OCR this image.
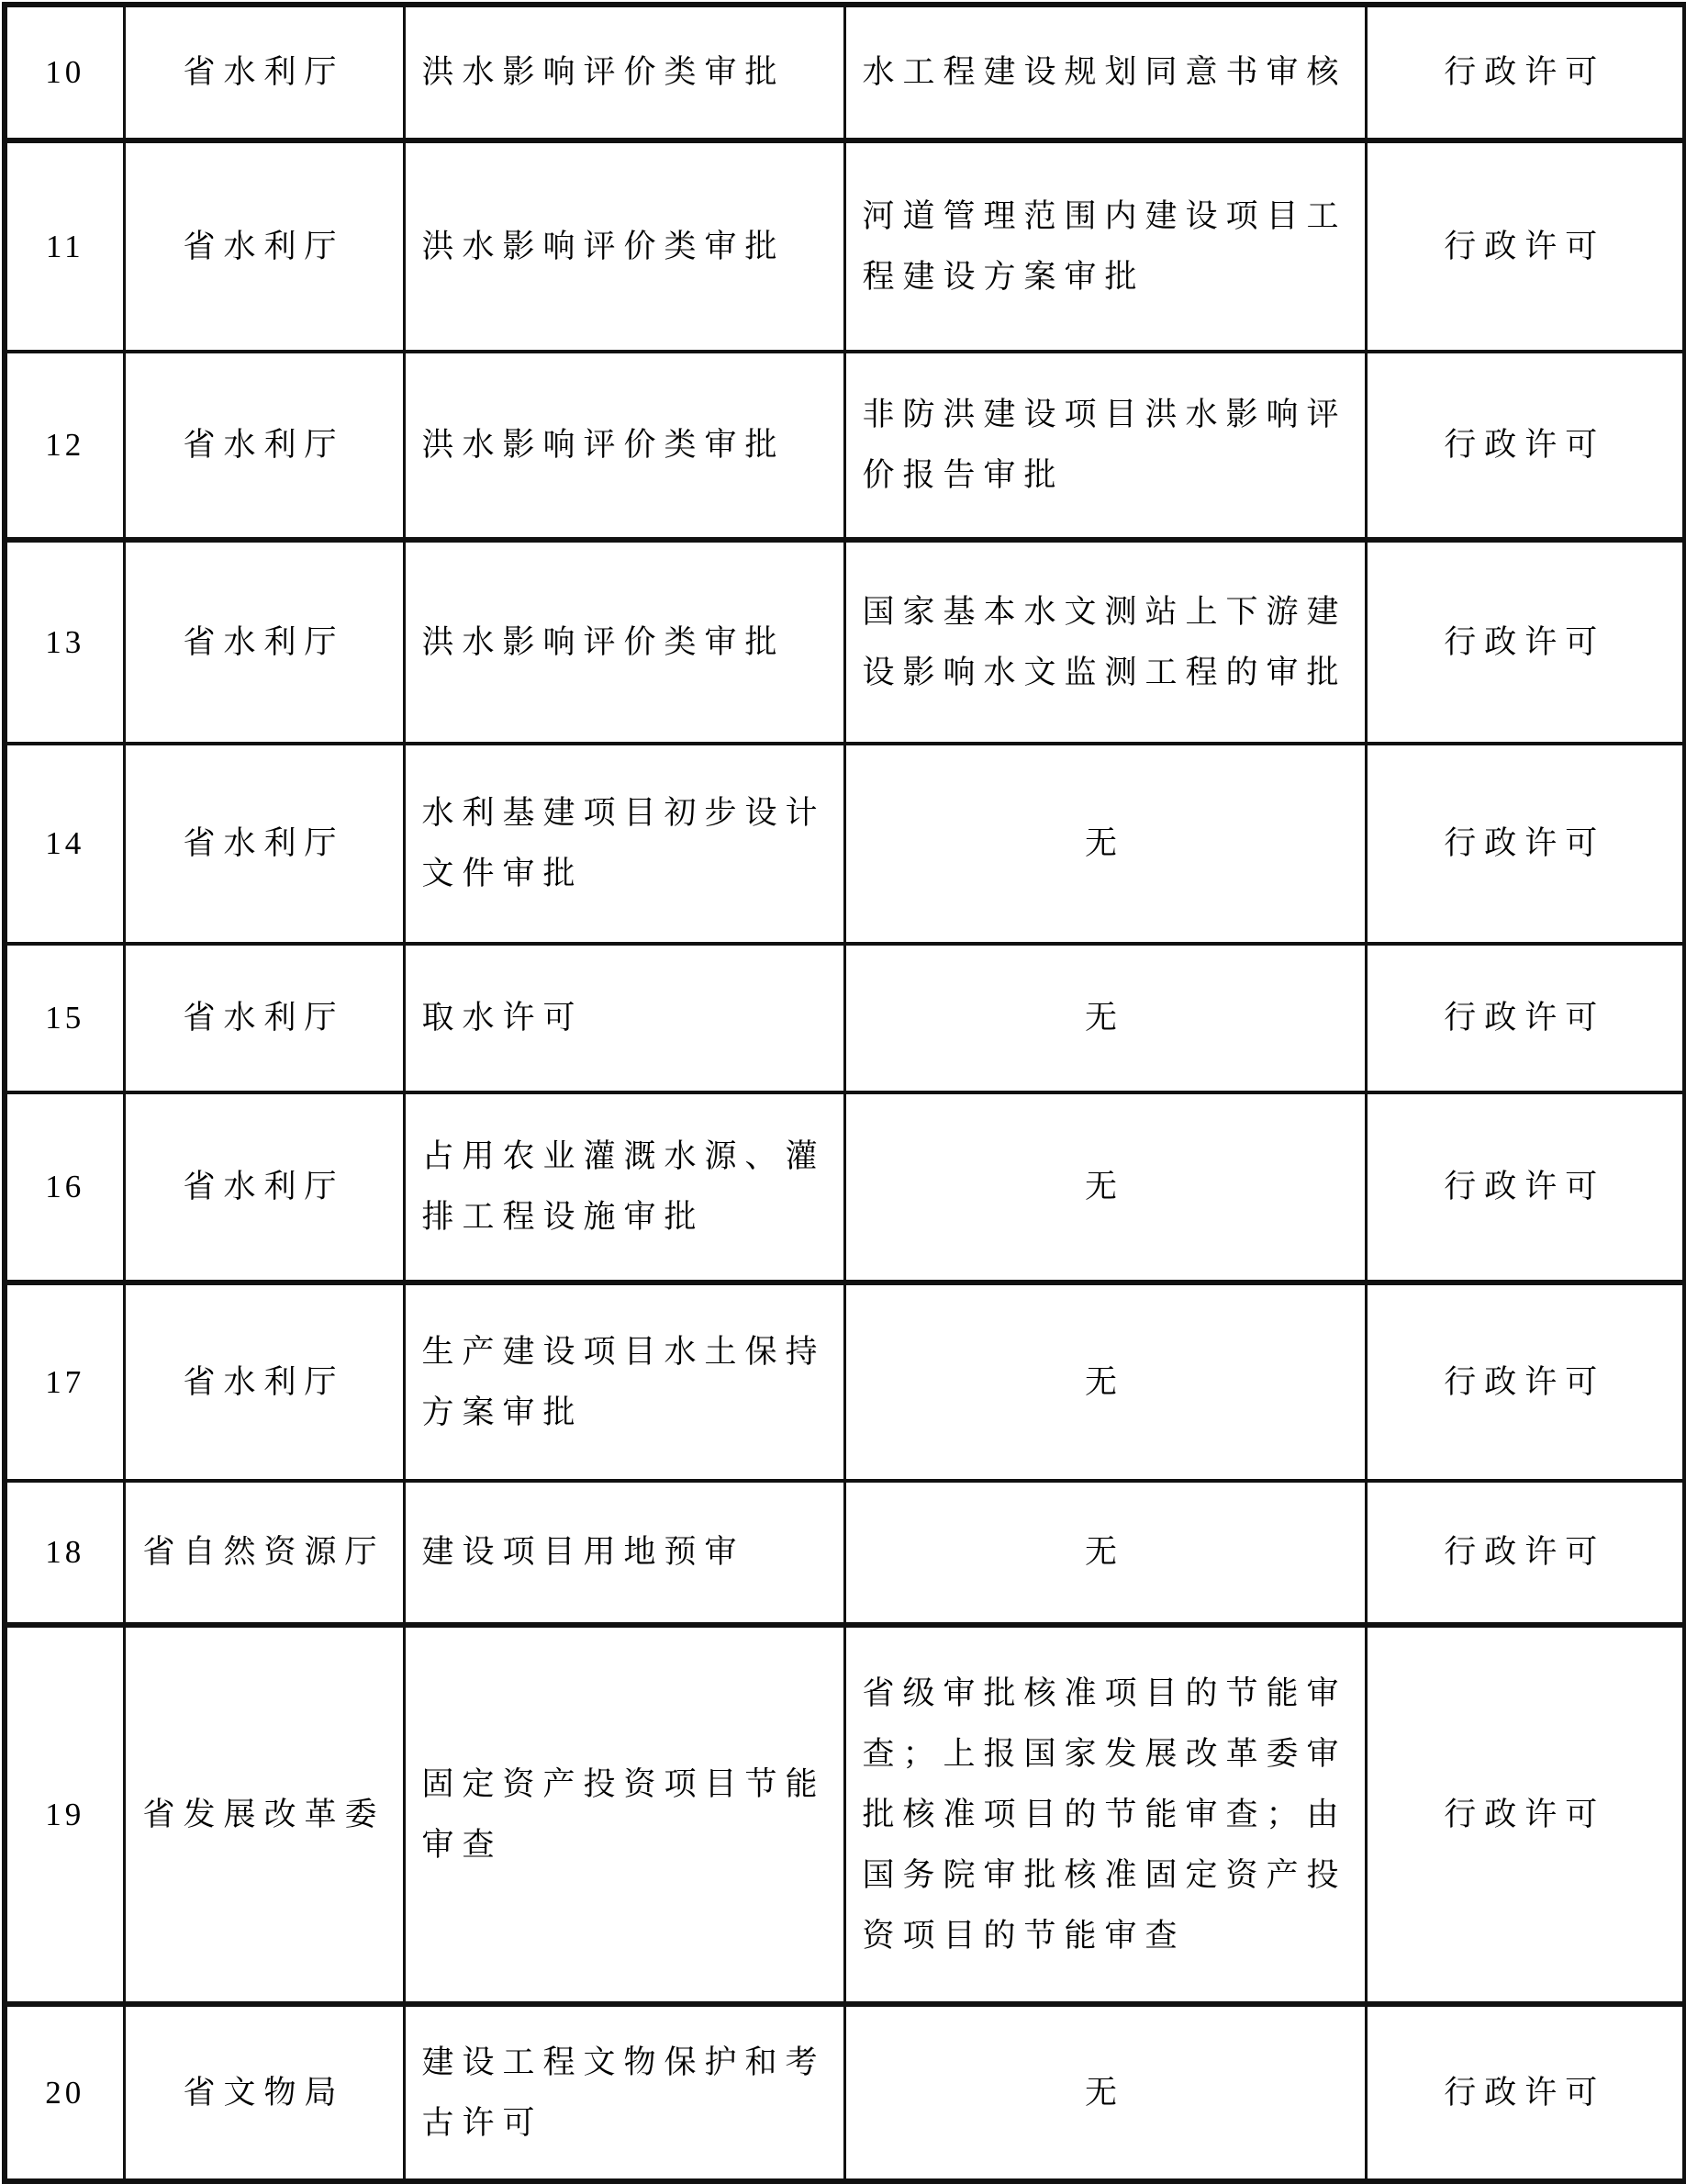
10	省水利厅	洪水影响评价类审批	水工程建设规划同意书审核	行政许可
11	省水利厅	洪水影响评价类审批	河道管理范围内建设项目工程建设方案审批	行政许可
12	省水利厅	洪水影响评价类审批	非防洪建设项目洪水影响评价报告审批	行政许可
13	省水利厅	洪水影响评价类审批	国家基本水文测站上下游建设影响水文监测工程的审批	行政许可
14	省水利厅	水利基建项目初步设计文件审批	无	行政许可
15	省水利厅	取水许可	无	行政许可
16	省水利厅	占用农业灌溉水源、灌排工程设施审批	无	行政许可
17	省水利厅	生产建设项目水土保持方案审批	无	行政许可
18	省自然资源厅	建设项目用地预审	无	行政许可
19	省发展改革委	固定资产投资项目节能审查	省级审批核准项目的节能审查；上报国家发展改革委审批核准项目的节能审查；由国务院审批核准固定资产投资项目的节能审查	行政许可
20	省文物局	建设工程文物保护和考古许可	无	行政许可
